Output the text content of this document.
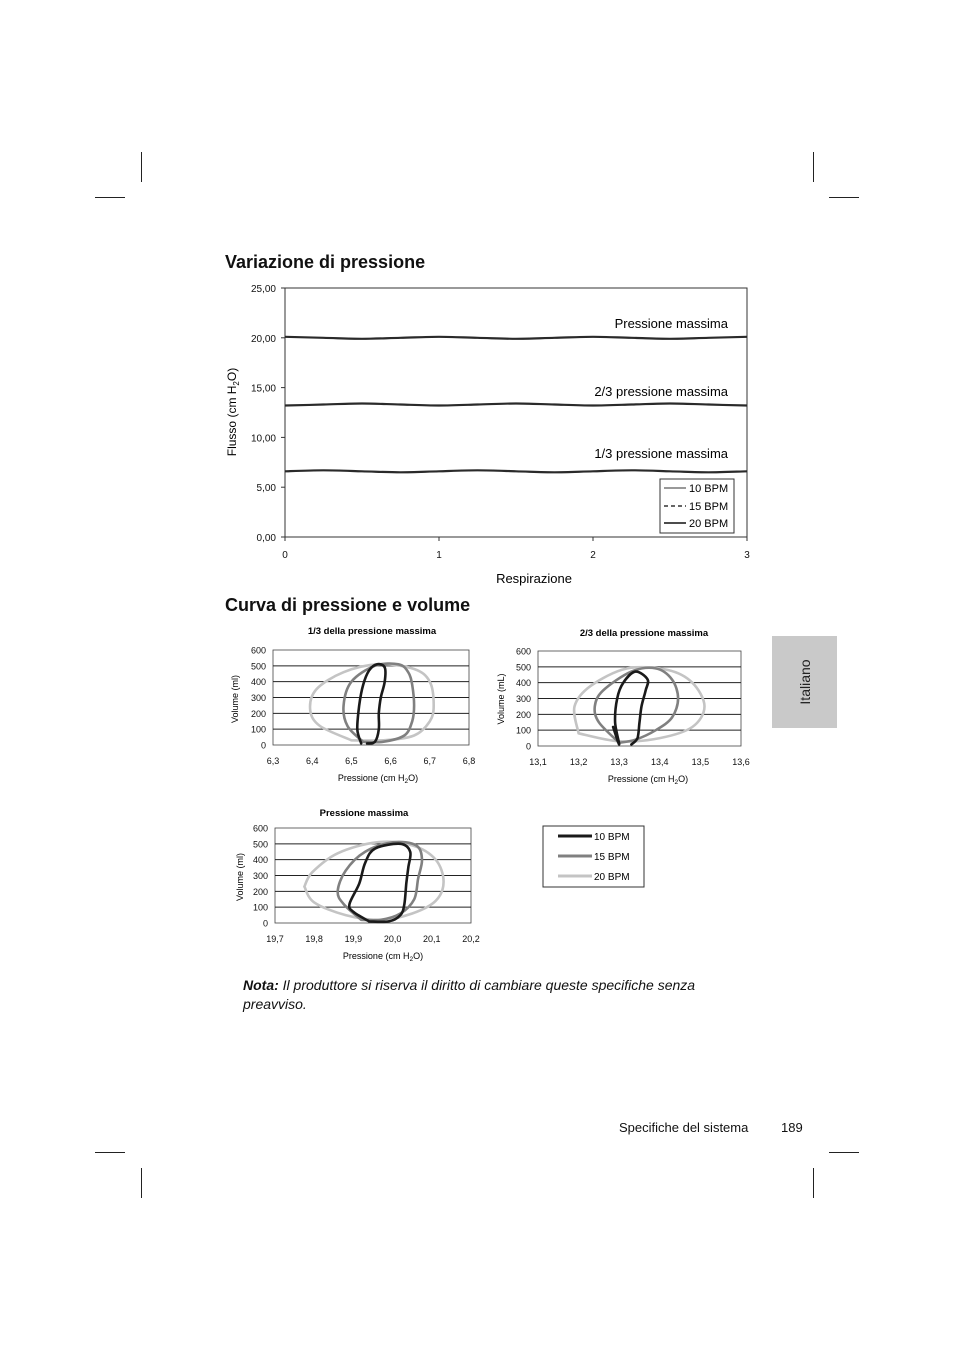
Variazione di pressione
Curva di pressione e volume
Italiano
Flusso (cm $H_2O$)
Respirazione
Pressione massima
2/3 pressione massima
1/3 pressione massima
10 BPM
15 BPM
20 BPM
1/3 della pressione massima	2/3 della pressione massima
Pressione massima
Pressione (cm $H_2O$)	Pressione (cm $H_2O$)
Pressione (cm $H_2O$)
Volume (ml)	Volume (mL)
Volume (ml)
10 BPM
15 BPM
20 BPM
0,00
5,00
10,00
15,00
20,00
25,00
0	1	2	3
0
100
200
300
400
500
600
6,3	6,4	6,5	6,6	6,7	6,8
0
100
200
300
400
500
600
13,1	13,2	13,3	13,4	13,5	13,6
0
100
200
300
400
500
600
19,7 19,8 19,9 20,0 20,1 20,2
Nota: Il produttore si riserva il diritto di cambiare queste specifiche senza preavviso.
Specifiche del sistema	189
